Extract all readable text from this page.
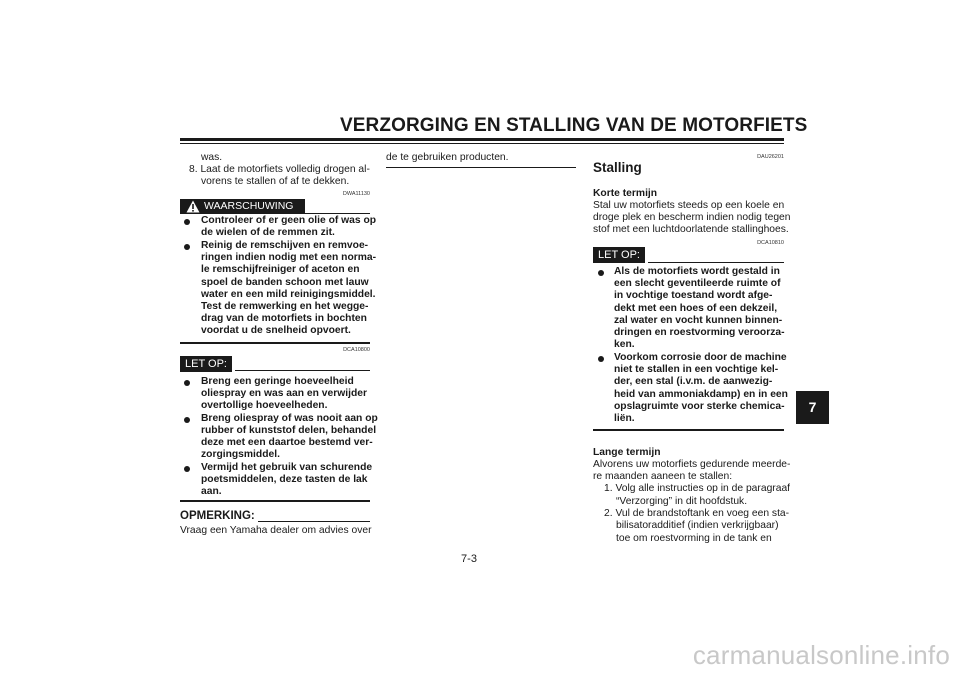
VERZORGING EN STALLING VAN DE MOTORFIETS
was.
8. Laat de motorfiets volledig drogen al-
vorens te stallen of af te dekken.
DWA11130
WAARSCHUWING
Controleer of er geen olie of was op
de wielen of de remmen zit.
Reinig de remschijven en remvoe-
ringen indien nodig met een norma-
le remschijfreiniger of aceton en
spoel de banden schoon met lauw
water en een mild reinigingsmiddel.
Test de remwerking en het wegge-
drag van de motorfiets in bochten
voordat u de snelheid opvoert.
DCA10800
LET OP:
Breng een geringe hoeveelheid
oliespray en was aan en verwijder
overtollige hoeveelheden.
Breng oliespray of was nooit aan op
rubber of kunststof delen, behandel
deze met een daartoe bestemd ver-
zorgingsmiddel.
Vermijd het gebruik van schurende
poetsmiddelen, deze tasten de lak
aan.
OPMERKING:
Vraag een Yamaha dealer om advies over
de te gebruiken producten.	DAU26201
Stalling
Korte termijn
Stal uw motorfiets steeds op een koele en
droge plek en bescherm indien nodig tegen
stof met een luchtdoorlatende stallinghoes.
DCA10810
LET OP:
Als de motorfiets wordt gestald in
een slecht geventileerde ruimte of
in vochtige toestand wordt afge-
dekt met een hoes of een dekzeil,
zal water en vocht kunnen binnen-
dringen en roestvorming veroorza-
ken.
Voorkom corrosie door de machine
niet te stallen in een vochtige kel-
der, een stal (i.v.m. de aanwezig-
heid van ammoniakdamp) en in een
opslagruimte voor sterke chemica-
liën.
Lange termijn
Alvorens uw motorfiets gedurende meerde-
re maanden aaneen te stallen:
1. Volg alle instructies op in de paragraaf
“Verzorging” in dit hoofdstuk.
2. Vul de brandstoftank en voeg een sta-
bilisatoradditief (indien verkrijgbaar)
toe om roestvorming in de tank en
7
7-3
carmanualsonline.info
